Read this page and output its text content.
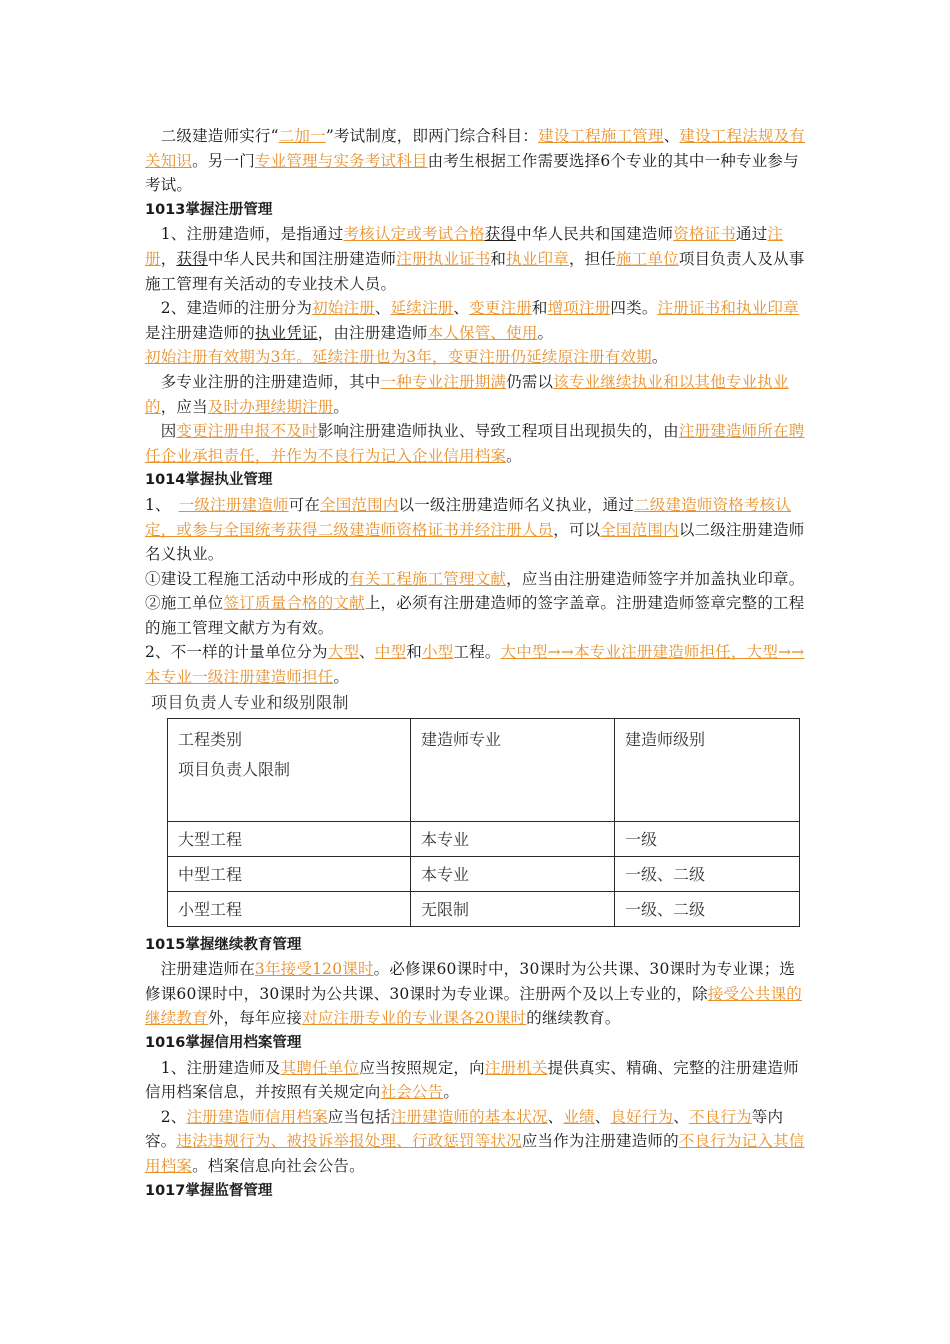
　二级建造师实行“二加一”考试制度，即两门综合科目：建设工程施工管理、建设工程法规及有关知识。另一门专业管理与实务考试科目由考生根据工作需要选择6个专业的其中一种专业参与考试。

1013掌握注册管理

　1、注册建造师，是指通过考核认定或考试合格获得中华人民共和国建造师资格证书通过注册，获得中华人民共和国注册建造师注册执业证书和执业印章，担任施工单位项目负责人及从事施工管理有关活动的专业技术人员。

　2、建造师的注册分为初始注册、延续注册、变更注册和增项注册四类。注册证书和执业印章是注册建造师的执业凭证，由注册建造师本人保管、使用。

初始注册有效期为3年。延续注册也为3年，变更注册仍延续原注册有效期。

　多专业注册的注册建造师，其中一种专业注册期满仍需以该专业继续执业和以其他专业执业的，应当及时办理续期注册。

　因变更注册申报不及时影响注册建造师执业、导致工程项目出现损失的，由注册建造师所在聘任企业承担责任，并作为不良行为记入企业信用档案。

1014掌握执业管理

1、　一级注册建造师可在全国范围内以一级注册建造师名义执业，通过二级建造师资格考核认定，或参与全国统考获得二级建造师资格证书并经注册人员，可以全国范围内以二级注册建造师名义执业。

①建设工程施工活动中形成的有关工程施工管理文献，应当由注册建造师签字并加盖执业印章。②施工单位签订质量合格的文献上，必须有注册建造师的签字盖章。注册建造师签章完整的工程的施工管理文献方为有效。

2、不一样的计量单位分为大型、中型和小型工程。大中型→→本专业注册建造师担任，大型→→本专业一级注册建造师担任。

项目负责人专业和级别限制

工程类别
项目负责人限制	建造师专业	建造师级别
大型工程	本专业	一级
中型工程	本专业	一级、二级
小型工程	无限制	一级、二级

1015掌握继续教育管理

　注册建造师在3年接受120课时。必修课60课时中，30课时为公共课、30课时为专业课；选修课60课时中，30课时为公共课、30课时为专业课。注册两个及以上专业的，除接受公共课的继续教育外，每年应接对应注册专业的专业课各20课时的继续教育。

1016掌握信用档案管理

　1、注册建造师及其聘任单位应当按照规定，向注册机关提供真实、精确、完整的注册建造师信用档案信息，并按照有关规定向社会公告。

　2、注册建造师信用档案应当包括注册建造师的基本状况、业绩、良好行为、不良行为等内容。违法违规行为、被投诉举报处理、行政惩罚等状况应当作为注册建造师的不良行为记入其信用档案。档案信息向社会公告。

1017掌握监督管理
